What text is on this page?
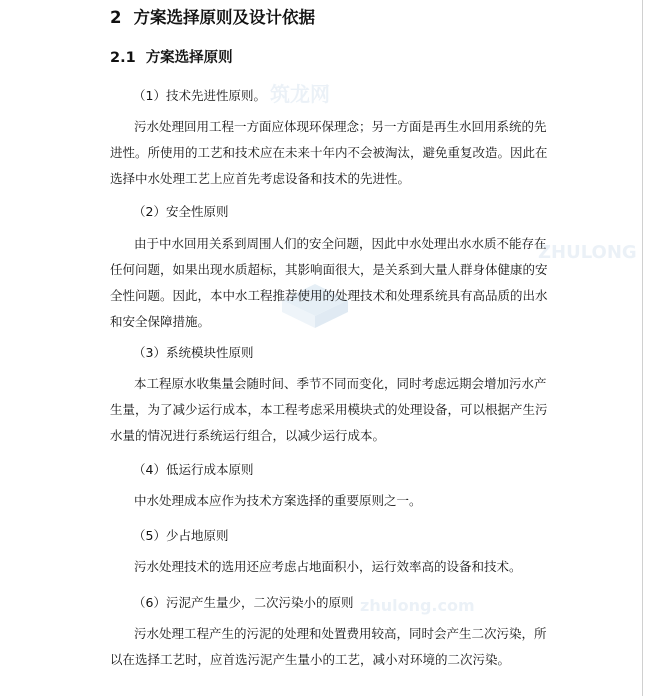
筑龙网
ZHULONG
zhulong.com
2 方案选择原则及设计依据
2.1 方案选择原则
（1）技术先进性原则。
污水处理回用工程一方面应体现环保理念；另一方面是再生水回用系统的先
进性。所使用的工艺和技术应在未来十年内不会被淘汰，避免重复改造。因此在
选择中水处理工艺上应首先考虑设备和技术的先进性。
（2）安全性原则
由于中水回用关系到周围人们的安全问题，因此中水处理出水水质不能存在
任何问题，如果出现水质超标，其影响面很大，是关系到大量人群身体健康的安
全性问题。因此，本中水工程推荐使用的处理技术和处理系统具有高品质的出水
和安全保障措施。
（3）系统模块性原则
本工程原水收集量会随时间、季节不同而变化，同时考虑远期会增加污水产
生量，为了减少运行成本，本工程考虑采用模块式的处理设备，可以根据产生污
水量的情况进行系统运行组合，以减少运行成本。
（4）低运行成本原则
中水处理成本应作为技术方案选择的重要原则之一。
（5）少占地原则
污水处理技术的选用还应考虑占地面积小，运行效率高的设备和技术。
（6）污泥产生量少，二次污染小的原则
污水处理工程产生的污泥的处理和处置费用较高，同时会产生二次污染，所
以在选择工艺时，应首选污泥产生量小的工艺，减小对环境的二次污染。
